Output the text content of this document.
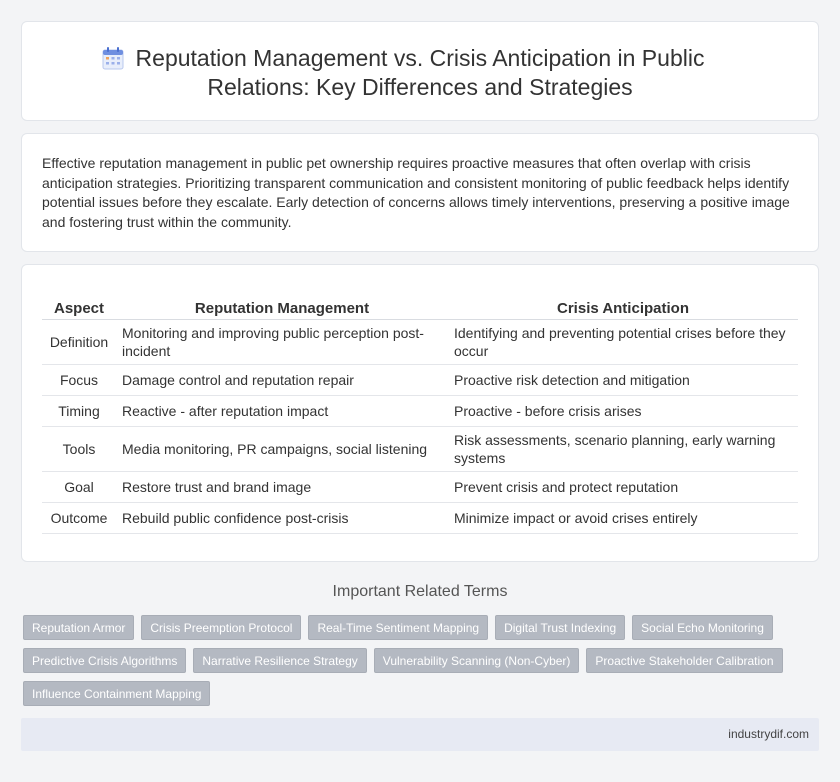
Reputation Management vs. Crisis Anticipation in Public Relations: Key Differences and Strategies

Effective reputation management in public pet ownership requires proactive measures that often overlap with crisis anticipation strategies. Prioritizing transparent communication and consistent monitoring of public feedback helps identify potential issues before they escalate. Early detection of concerns allows timely interventions, preserving a positive image and fostering trust within the community.

Aspect	Reputation Management	Crisis Anticipation
Definition	Monitoring and improving public perception post-incident	Identifying and preventing potential crises before they occur
Focus	Damage control and reputation repair	Proactive risk detection and mitigation
Timing	Reactive - after reputation impact	Proactive - before crisis arises
Tools	Media monitoring, PR campaigns, social listening	Risk assessments, scenario planning, early warning systems
Goal	Restore trust and brand image	Prevent crisis and protect reputation
Outcome	Rebuild public confidence post-crisis	Minimize impact or avoid crises entirely
Important Related Terms
Reputation Armor	Crisis Preemption Protocol	Real-Time Sentiment Mapping	Digital Trust Indexing	Social Echo Monitoring
Predictive Crisis Algorithms	Narrative Resilience Strategy	Vulnerability Scanning (Non-Cyber)	Proactive Stakeholder Calibration
Influence Containment Mapping
industrydif.com
